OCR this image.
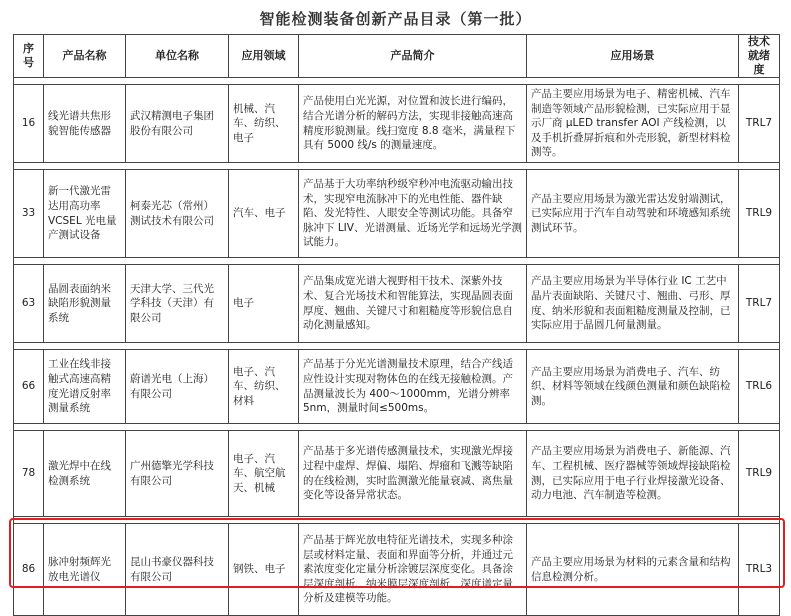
智能检测装备创新产品目录（第一批）
序号	产品名称	单位名称	应用领域	产品简介	应用场景	技术就绪度

16	线光谱共焦形貌智能传感器	武汉精测电子集团股份有限公司	机械、汽车、纺织、电子	产品使用白光光源，对位置和波长进行编码，结合光谱分析的解码方法，实现非接触高速高精度形貌测量。线扫宽度 8.8 毫米，满量程下具有 5000 线/s 的测量速度。	产品主要应用场景为电子、精密机械、汽车制造等领域产品形貌检测，已实际应用于显示厂商 μLED transfer AOI 产线检测，以及手机折叠屏折痕和外壳形貌，新型材料检测等。	TRL7

33	新一代激光雷达用高功率 VCSEL 光电量产测试设备	柯泰光芯（常州）测试技术有限公司	汽车、电子	产品基于大功率纳秒级窄秒冲电流驱动输出技术，实现窄电流脉冲下的光电性能、器件缺陷、发光特性、人眼安全等测试功能。具备窄脉冲下 LIV、光谱测量、近场光学和远场光学测试能力。	产品主要应用场景为激光雷达发射端测试，已实际应用于汽车自动驾驶和环境感知系统测试环节。	TRL9

63	晶圆表面纳米缺陷形貌测量系统	天津大学、三代光学科技（天津）有限公司	电子	产品集成宽光谱大视野相干技术、深紫外技术、复合光场技术和智能算法，实现晶圆表面厚度、翘曲、关键尺寸和粗糙度等形貌信息自动化测量感知。	产品主要应用场景为半导体行业 IC 工艺中晶片表面缺陷、关键尺寸、翘曲、弓形、厚度、纳米形貌和表面粗糙度测量及控制，已实际应用于晶圆几何量测量。	TRL7

66	工业在线非接触式高速高精度光谱反射率测量系统	蔚谱光电（上海）有限公司	电子、汽车、纺织、材料	产品基于分光光谱测量技术原理，结合产线适应性设计实现对物体色的在线无接触检测。产品测量波长为 400～1000mm，光谱分辨率 5nm，测量时间≤500ms。	产品主要应用场景为消费电子、汽车、纺织、材料等领域在线颜色测量和颜色缺陷检测。	TRL6

78	激光焊中在线检测系统	广州德擎光学科技有限公司	电子、汽车、航空航天、机械	产品基于多光谱传感测量技术，实现激光焊接过程中虚焊、焊偏、塌陷、焊瘤和飞溅等缺陷的在线检测，实时监测激光能量衰减、离焦量变化等设备异常状态。	产品主要应用场景为消费电子、新能源、汽车、工程机械、医疗器械等领域焊接缺陷检测，已实际应用于电子行业焊接激光设备、动力电池、汽车制造等检测。	TRL9

86	脉冲射频辉光放电光谱仪	昆山书豪仪器科技有限公司	钢铁、电子	产品基于辉光放电特征光谱技术，实现多种涂层或材料定量、表面和界面等分析，并通过元素浓度变化定量分析涂镀层深度变化。具备涂层深度剖析、纳米膜层深度剖析、深度谱定量分析及建模等功能。	产品主要应用场景为材料的元素含量和结构信息检测分析。	TRL3
